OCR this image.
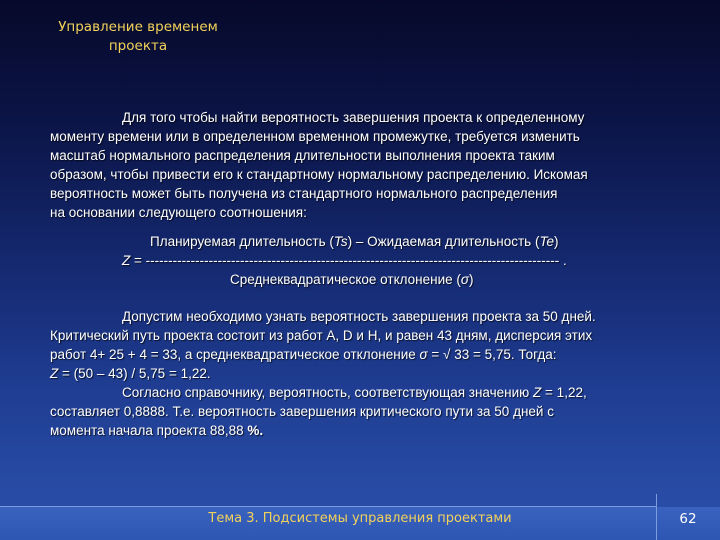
Управление временем
проекта
Для того чтобы найти вероятность завершения проекта к определенному
моменту времени или в определенном временном промежутке, требуется изменить
масштаб нормального распределения длительности выполнения проекта таким
образом, чтобы привести его к стандартному нормальному распределению. Искомая
вероятность может быть получена из стандартного нормального распределения
на основании следующего соотношения:
Планируемая длительность (Ts) – Ожидаемая длительность (Te)
Z = -------------------------------------------------------------------------------------------- .
Среднеквадратическое отклонение (σ)
Допустим необходимо узнать вероятность завершения проекта за 50 дней.
Критический путь проекта состоит из работ A, D и H, и равен 43 дням, дисперсия этих
работ 4+ 25 + 4 = 33, а среднеквадратическое отклонение σ = √ 33 = 5,75. Тогда:
Z = (50 – 43) / 5,75 = 1,22.
Согласно справочнику, вероятность, соответствующая значению Z = 1,22,
составляет 0,8888. Т.е. вероятность завершения критического пути за 50 дней с
момента начала проекта 88,88 %.
Тема 3. Подсистемы управления проектами	62
